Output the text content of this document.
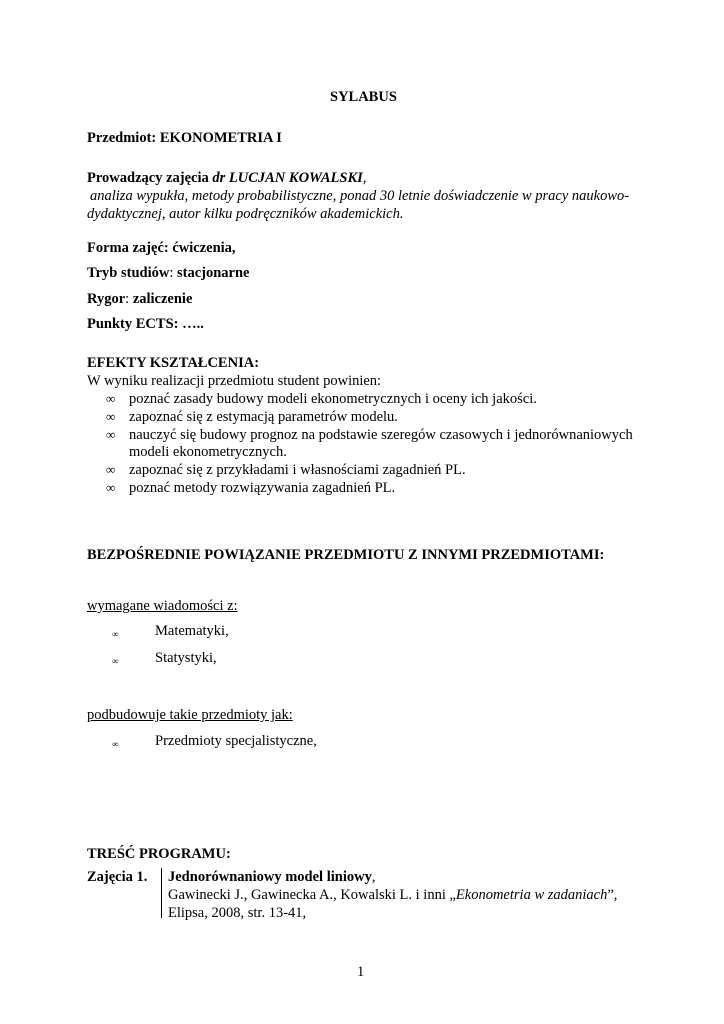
SYLABUS
Przedmiot: EKONOMETRIA I
Prowadzący zajęcia dr LUCJAN KOWALSKI,
analiza wypukła, metody probabilistyczne, ponad 30 letnie doświadczenie w pracy naukowo-
dydaktycznej, autor kilku podręczników akademickich.
Forma zajęć: ćwiczenia,
Tryb studiów: stacjonarne
Rygor: zaliczenie
Punkty ECTS: …..
EFEKTY KSZTAŁCENIA:
W wyniku realizacji przedmiotu student powinien:
∞ poznać zasady budowy modeli ekonometrycznych i oceny ich jakości.
∞ zapoznać się z estymacją parametrów modelu.
∞ nauczyć się budowy prognoz na podstawie szeregów czasowych i jednorównaniowych
modeli ekonometrycznych.
∞ zapoznać się z przykładami i własnościami zagadnień PL.
∞ poznać metody rozwiązywania zagadnień PL.
BEZPOŚREDNIE POWIĄZANIE PRZEDMIOTU Z INNYMI PRZEDMIOTAMI:
wymagane wiadomości z:
∞	Matematyki,
∞	Statystyki,
podbudowuje takie przedmioty jak:
∞	Przedmioty specjalistyczne,
TREŚĆ PROGRAMU:
Zajęcia 1. Jednorównaniowy model liniowy,
Gawinecki J., Gawinecka A., Kowalski L. i inni „Ekonometria w zadaniach”,
Elipsa, 2008, str. 13-41,
1
